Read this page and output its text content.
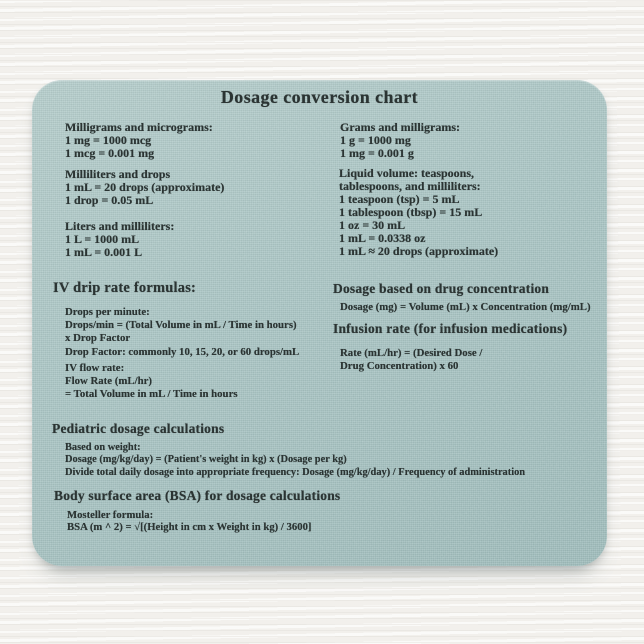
Dosage conversion chart
Milligrams and micrograms:
1 mg = 1000 mcg
1 mcg = 0.001 mg
Milliliters and drops
1 mL = 20 drops (approximate)
1 drop = 0.05 mL
Liters and milliliters:
1 L = 1000 mL
1 mL = 0.001 L
Grams and milligrams:
1 g = 1000 mg
1 mg = 0.001 g
Liquid volume: teaspoons,
tablespoons, and milliliters:
1 teaspoon (tsp) = 5 mL
1 tablespoon (tbsp) = 15 mL
1 oz = 30 mL
1 mL = 0.0338 oz
1 mL ≈ 20 drops (approximate)
IV drip rate formulas:
Drops per minute:
Drops/min = (Total Volume in mL / Time in hours)
x Drop Factor
Drop Factor: commonly 10, 15, 20, or 60 drops/mL
IV flow rate:
Flow Rate (mL/hr)
= Total Volume in mL / Time in hours
Dosage based on drug concentration
Dosage (mg) = Volume (mL) x Concentration (mg/mL)
Infusion rate (for infusion medications)
Rate (mL/hr) = (Desired Dose /
Drug Concentration) x 60
Pediatric dosage calculations
Based on weight:
Dosage (mg/kg/day) = (Patient's weight in kg) x (Dosage per kg)
Divide total daily dosage into appropriate frequency: Dosage (mg/kg/day) / Frequency of administration
Body surface area (BSA) for dosage calculations
Mosteller formula:
BSA (m ^ 2) = √[(Height in cm x Weight in kg) / 3600]
